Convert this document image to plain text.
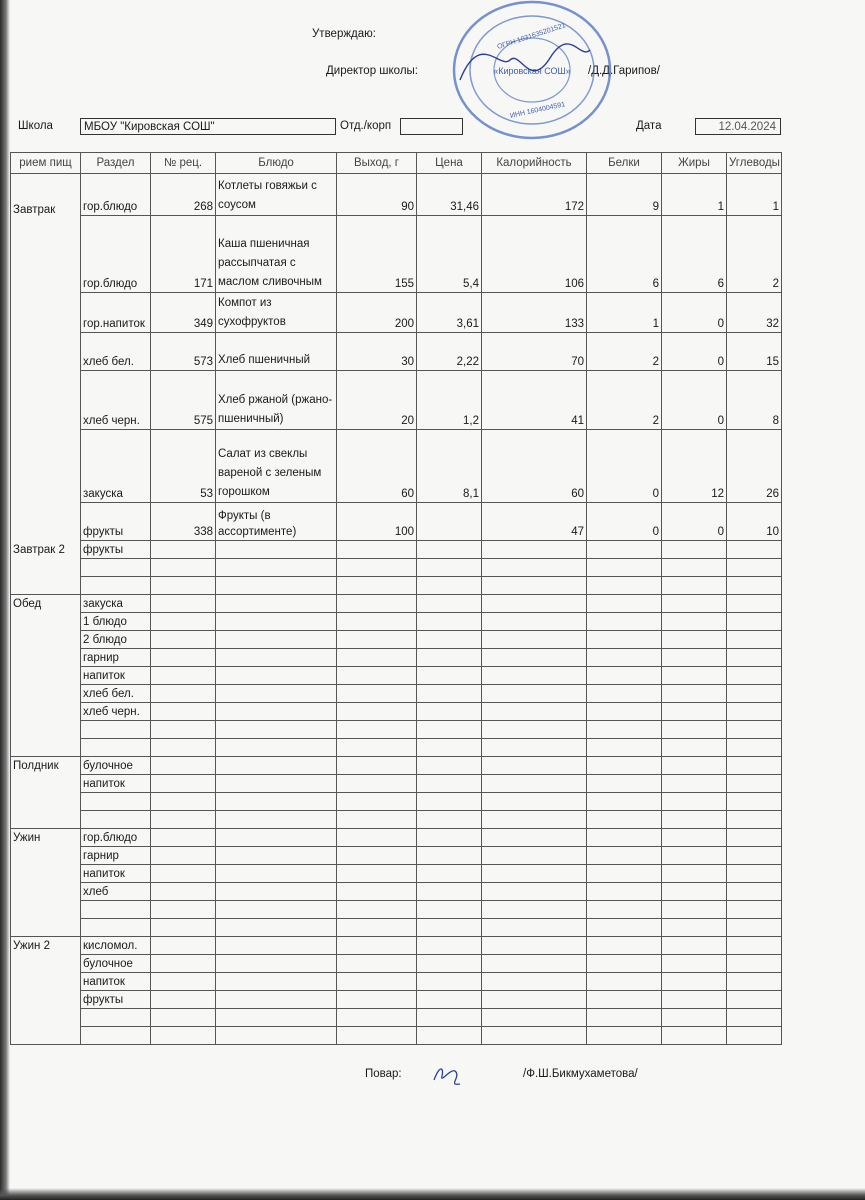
Утверждаю:
Директор школы:	/Д.Д.Гарипов/
«Кировская СОШ»
ОГРН 1031635201521
ИНН 1604004591
Школа	МБОУ "Кировская СОШ"	Отд./корп	Дата	12.04.2024
рием пищ	Раздел	№ рец.	Блюдо	Выход, г	Цена	Калорийность	Белки	Жиры	Углеводы
Завтрак	гор.блюдо	268	Котлеты говяжьи с соусом	90	31,46	172	9	1	1
	гор.блюдо	171	Каша пшеничная рассыпчатая с маслом сливочным	155	5,4	106	6	6	2
	гор.напиток	349	Компот из сухофруктов	200	3,61	133	1	0	32
	хлеб бел.	573	Хлеб пшеничный	30	2,22	70	2	0	15
	хлеб черн.	575	Хлеб ржаной (ржано-пшеничный)	20	1,2	41	2	0	8
	закуска	53	Салат из свеклы вареной с зеленым горошком	60	8,1	60	0	12	26
	фрукты	338	Фрукты (в ассортименте)	100		47	0	0	10
Завтрак 2	фрукты								

Обед	закуска								
	1 блюдо								
	2 блюдо								
	гарнир								
	напиток								
	хлеб бел.								
	хлеб черн.								

Полдник	булочное								
	напиток								

Ужин	гор.блюдо								
	гарнир								
	напиток								
	хлеб								

Ужин 2	кисломол.								
	булочное								
	напиток								
	фрукты								

Повар:	/Ф.Ш.Бикмухаметова/
